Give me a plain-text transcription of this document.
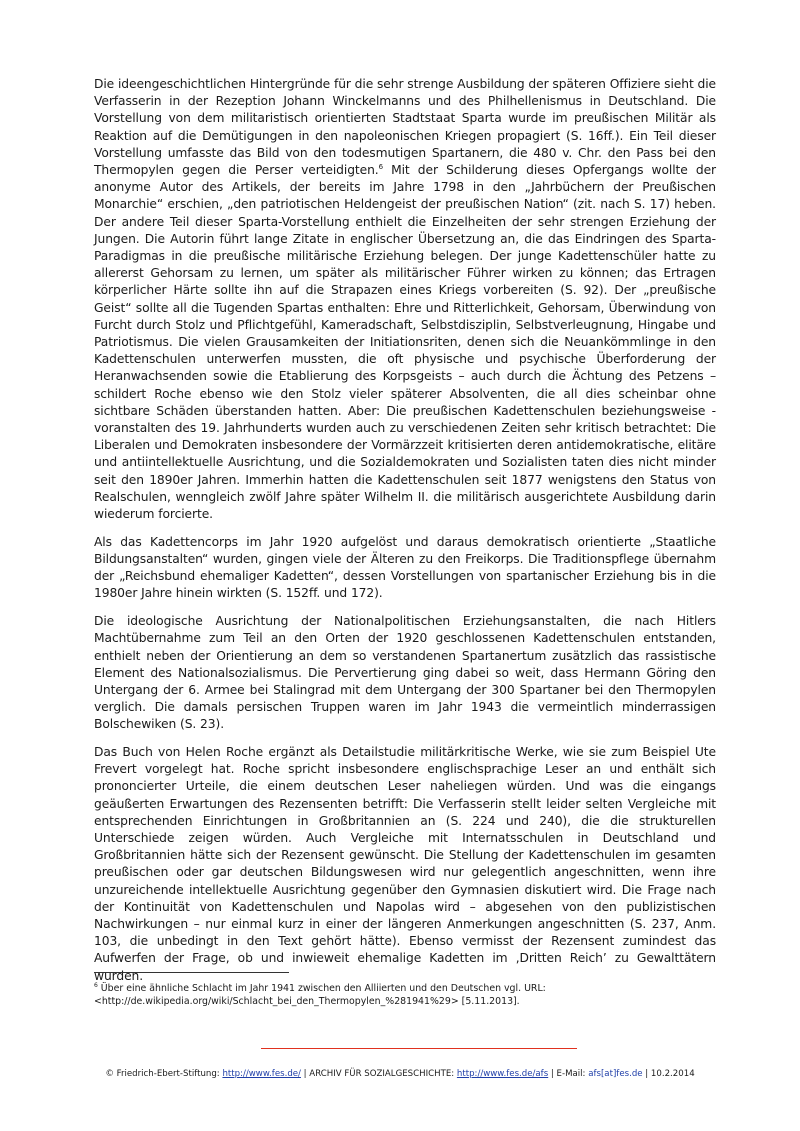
Die ideengeschichtlichen Hintergründe für die sehr strenge Ausbildung der späteren Offiziere sieht die Verfasserin in der Rezeption Johann Winckelmanns und des Philhellenismus in Deutschland. Die Vorstellung von dem militaristisch orientierten Stadtstaat Sparta wurde im preußischen Militär als Reaktion auf die Demütigungen in den napoleonischen Kriegen propagiert (S. 16ff.). Ein Teil dieser Vorstellung umfasste das Bild von den todesmutigen Spartanern, die 480 v. Chr. den Pass bei den Thermopylen gegen die Perser verteidigten.$^6$ Mit der Schilderung dieses Opfergangs wollte der anonyme Autor des Artikels, der bereits im Jahre 1798 in den „Jahrbüchern der Preußischen Monarchie“ erschien, „den patriotischen Heldengeist der preußischen Nation“ (zit. nach S. 17) heben. Der andere Teil dieser Sparta-Vorstellung enthielt die Einzelheiten der sehr strengen Erziehung der Jungen. Die Autorin führt lange Zitate in englischer Übersetzung an, die das Eindringen des Sparta-Paradigmas in die preußische militärische Erziehung belegen. Der junge Kadettenschüler hatte zu allererst Gehorsam zu lernen, um später als militärischer Führer wirken zu können; das Ertragen körperlicher Härte sollte ihn auf die Strapazen eines Kriegs vorbereiten (S. 92). Der „preußische Geist“ sollte all die Tugenden Spartas enthalten: Ehre und Ritterlichkeit, Gehorsam, Überwindung von Furcht durch Stolz und Pflichtgefühl, Kameradschaft, Selbstdisziplin, Selbstverleugnung, Hingabe und Patriotismus. Die vielen Grausamkeiten der Initiationsriten, denen sich die Neuankömmlinge in den Kadettenschulen unterwerfen mussten, die oft physische und psychische Überforderung der Heranwachsenden sowie die Etablierung des Korpsgeists – auch durch die Ächtung des Petzens – schildert Roche ebenso wie den Stolz vieler späterer Absolventen, die all dies scheinbar ohne sichtbare Schäden überstanden hatten. Aber: Die preußischen Kadettenschulen beziehungsweise -voranstalten des 19. Jahrhunderts wurden auch zu verschiedenen Zeiten sehr kritisch betrachtet: Die Liberalen und Demokraten insbesondere der Vormärzzeit kritisierten deren antidemokratische, elitäre und antiintellektuelle Ausrichtung, und die Sozialdemokraten und Sozialisten taten dies nicht minder seit den 1890er Jahren. Immerhin hatten die Kadettenschulen seit 1877 wenigstens den Status von Realschulen, wenngleich zwölf Jahre später Wilhelm II. die militärisch ausgerichtete Ausbildung darin wiederum forcierte.

Als das Kadettencorps im Jahr 1920 aufgelöst und daraus demokratisch orientierte „Staatliche Bildungsanstalten“ wurden, gingen viele der Älteren zu den Freikorps. Die Traditionspflege übernahm der „Reichsbund ehemaliger Kadetten“, dessen Vorstellungen von spartanischer Erziehung bis in die 1980er Jahre hinein wirkten (S. 152ff. und 172).

Die ideologische Ausrichtung der Nationalpolitischen Erziehungsanstalten, die nach Hitlers Machtübernahme zum Teil an den Orten der 1920 geschlossenen Kadettenschulen entstanden, enthielt neben der Orientierung an dem so verstandenen Spartanertum zusätzlich das rassistische Element des Nationalsozialismus. Die Pervertierung ging dabei so weit, dass Hermann Göring den Untergang der 6. Armee bei Stalingrad mit dem Untergang der 300 Spartaner bei den Thermopylen verglich. Die damals persischen Truppen waren im Jahr 1943 die vermeintlich minderrassigen Bolschewiken (S. 23).

Das Buch von Helen Roche ergänzt als Detailstudie militärkritische Werke, wie sie zum Beispiel Ute Frevert vorgelegt hat. Roche spricht insbesondere englischsprachige Leser an und enthält sich prononcierter Urteile, die einem deutschen Leser naheliegen würden. Und was die eingangs geäußerten Erwartungen des Rezensenten betrifft: Die Verfasserin stellt leider selten Vergleiche mit entsprechenden Einrichtungen in Großbritannien an (S. 224 und 240), die die strukturellen Unterschiede zeigen würden. Auch Vergleiche mit Internatsschulen in Deutschland und Großbritannien hätte sich der Rezensent gewünscht. Die Stellung der Kadettenschulen im gesamten preußischen oder gar deutschen Bildungswesen wird nur gelegentlich angeschnitten, wenn ihre unzureichende intellektuelle Ausrichtung gegenüber den Gymnasien diskutiert wird. Die Frage nach der Kontinuität von Kadettenschulen und Napolas wird – abgesehen von den publizistischen Nachwirkungen – nur einmal kurz in einer der längeren Anmerkungen angeschnitten (S. 237, Anm. 103, die unbedingt in den Text gehört hätte). Ebenso vermisst der Rezensent zumindest das Aufwerfen der Frage, ob und inwieweit ehemalige Kadetten im ‚Dritten Reich’ zu Gewalttätern wurden.

$^6$ Über eine ähnliche Schlacht im Jahr 1941 zwischen den Alliierten und den Deutschen vgl. URL: <http://de.wikipedia.org/wiki/Schlacht_bei_den_Thermopylen_%281941%29> [5.11.2013].
© Friedrich-Ebert-Stiftung: http://www.fes.de/ | ARCHIV FÜR SOZIALGESCHICHTE: http://www.fes.de/afs | E-Mail: afs[at]fes.de | 10.2.2014
